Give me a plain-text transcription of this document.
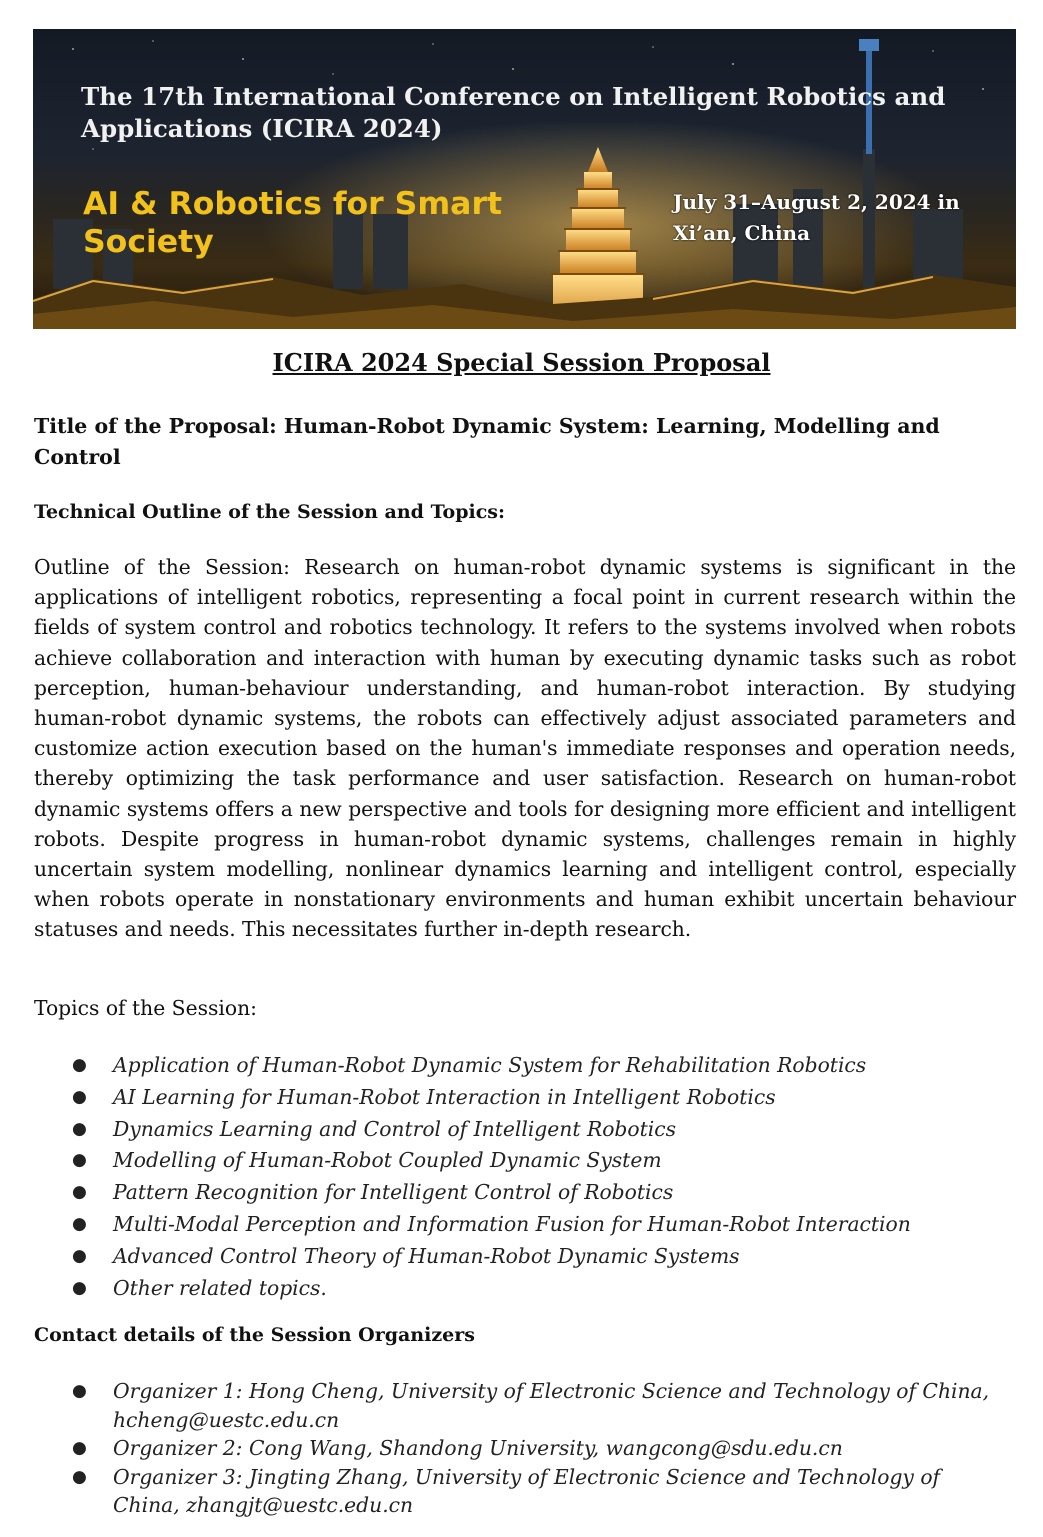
The 17th International Conference on Intelligent Robotics and Applications (ICIRA 2024)
AI & Robotics for Smart Society
July 31–August 2, 2024 in Xi’an, China
ICIRA 2024 Special Session Proposal
Title of the Proposal: Human-Robot Dynamic System: Learning, Modelling and Control
Technical Outline of the Session and Topics:
Outline of the Session: Research on human-robot dynamic systems is significant in the applications of intelligent robotics, representing a focal point in current research within the fields of system control and robotics technology. It refers to the systems involved when robots achieve collaboration and interaction with human by executing dynamic tasks such as robot perception, human-behaviour understanding, and human-robot interaction. By studying human-robot dynamic systems, the robots can effectively adjust associated parameters and customize action execution based on the human's immediate responses and operation needs, thereby optimizing the task performance and user satisfaction. Research on human-robot dynamic systems offers a new perspective and tools for designing more efficient and intelligent robots. Despite progress in human-robot dynamic systems, challenges remain in highly uncertain system modelling, nonlinear dynamics learning and intelligent control, especially when robots operate in nonstationary environments and human exhibit uncertain behaviour statuses and needs. This necessitates further in-depth research.
Topics of the Session:
● Application of Human-Robot Dynamic System for Rehabilitation Robotics
● AI Learning for Human-Robot Interaction in Intelligent Robotics
● Dynamics Learning and Control of Intelligent Robotics
● Modelling of Human-Robot Coupled Dynamic System
● Pattern Recognition for Intelligent Control of Robotics
● Multi-Modal Perception and Information Fusion for Human-Robot Interaction
● Advanced Control Theory of Human-Robot Dynamic Systems
● Other related topics.
Contact details of the Session Organizers
● Organizer 1: Hong Cheng, University of Electronic Science and Technology of China, hcheng@uestc.edu.cn
● Organizer 2: Cong Wang, Shandong University, wangcong@sdu.edu.cn
● Organizer 3: Jingting Zhang, University of Electronic Science and Technology of China, zhangjt@uestc.edu.cn
